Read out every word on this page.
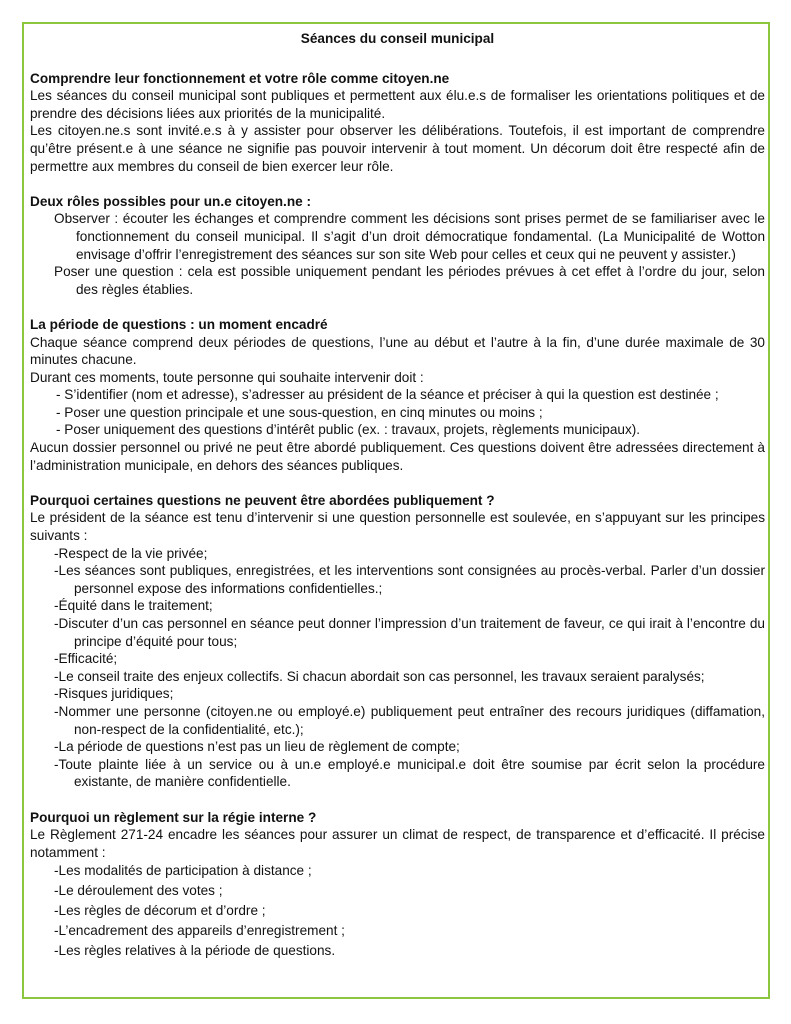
Séances du conseil municipal
Comprendre leur fonctionnement et votre rôle comme citoyen.ne

Les séances du conseil municipal sont publiques et permettent aux élu.e.s de formaliser les orientations politiques et de prendre des décisions liées aux priorités de la municipalité.

Les citoyen.ne.s sont invité.e.s à y assister pour observer les délibérations. Toutefois, il est important de comprendre qu’être présent.e à une séance ne signifie pas pouvoir intervenir à tout moment. Un décorum doit être respecté afin de permettre aux membres du conseil de bien exercer leur rôle.

Deux rôles possibles pour un.e citoyen.ne :
Observer : écouter les échanges et comprendre comment les décisions sont prises permet de se familiariser avec le fonctionnement du conseil municipal. Il s’agit d’un droit démocratique fondamental. (La Municipalité de Wotton envisage d’offrir l’enregistrement des séances sur son site Web pour celles et ceux qui ne peuvent y assister.)
Poser une question : cela est possible uniquement pendant les périodes prévues à cet effet à l’ordre du jour, selon des règles établies.
La période de questions : un moment encadré

Chaque séance comprend deux périodes de questions, l’une au début et l’autre à la fin, d’une durée maximale de 30 minutes chacune.

Durant ces moments, toute personne qui souhaite intervenir doit :

- S’identifier (nom et adresse), s’adresser au président de la séance et préciser à qui la question est destinée ;
- Poser une question principale et une sous-question, en cinq minutes ou moins ;
- Poser uniquement des questions d’intérêt public (ex. : travaux, projets, règlements municipaux).

Aucun dossier personnel ou privé ne peut être abordé publiquement. Ces questions doivent être adressées directement à l’administration municipale, en dehors des séances publiques.

Pourquoi certaines questions ne peuvent être abordées publiquement ?

Le président de la séance est tenu d’intervenir si une question personnelle est soulevée, en s’appuyant sur les principes suivants :

-Respect de la vie privée;
-Les séances sont publiques, enregistrées, et les interventions sont consignées au procès-verbal. Parler d’un dossier personnel expose des informations confidentielles.;
-Équité dans le traitement;
-Discuter d’un cas personnel en séance peut donner l’impression d’un traitement de faveur, ce qui irait à l’encontre du principe d’équité pour tous;
-Efficacité;
-Le conseil traite des enjeux collectifs. Si chacun abordait son cas personnel, les travaux seraient paralysés;
-Risques juridiques;
-Nommer une personne (citoyen.ne ou employé.e) publiquement peut entraîner des recours juridiques (diffamation, non-respect de la confidentialité, etc.);
-La période de questions n’est pas un lieu de règlement de compte;
-Toute plainte liée à un service ou à un.e employé.e municipal.e doit être soumise par écrit selon la procédure existante, de manière confidentielle.
Pourquoi un règlement sur la régie interne ?

Le Règlement 271-24 encadre les séances pour assurer un climat de respect, de transparence et d’efficacité. Il précise notamment :

-Les modalités de participation à distance ;
-Le déroulement des votes ;
-Les règles de décorum et d’ordre ;
-L’encadrement des appareils d’enregistrement ;
-Les règles relatives à la période de questions.
